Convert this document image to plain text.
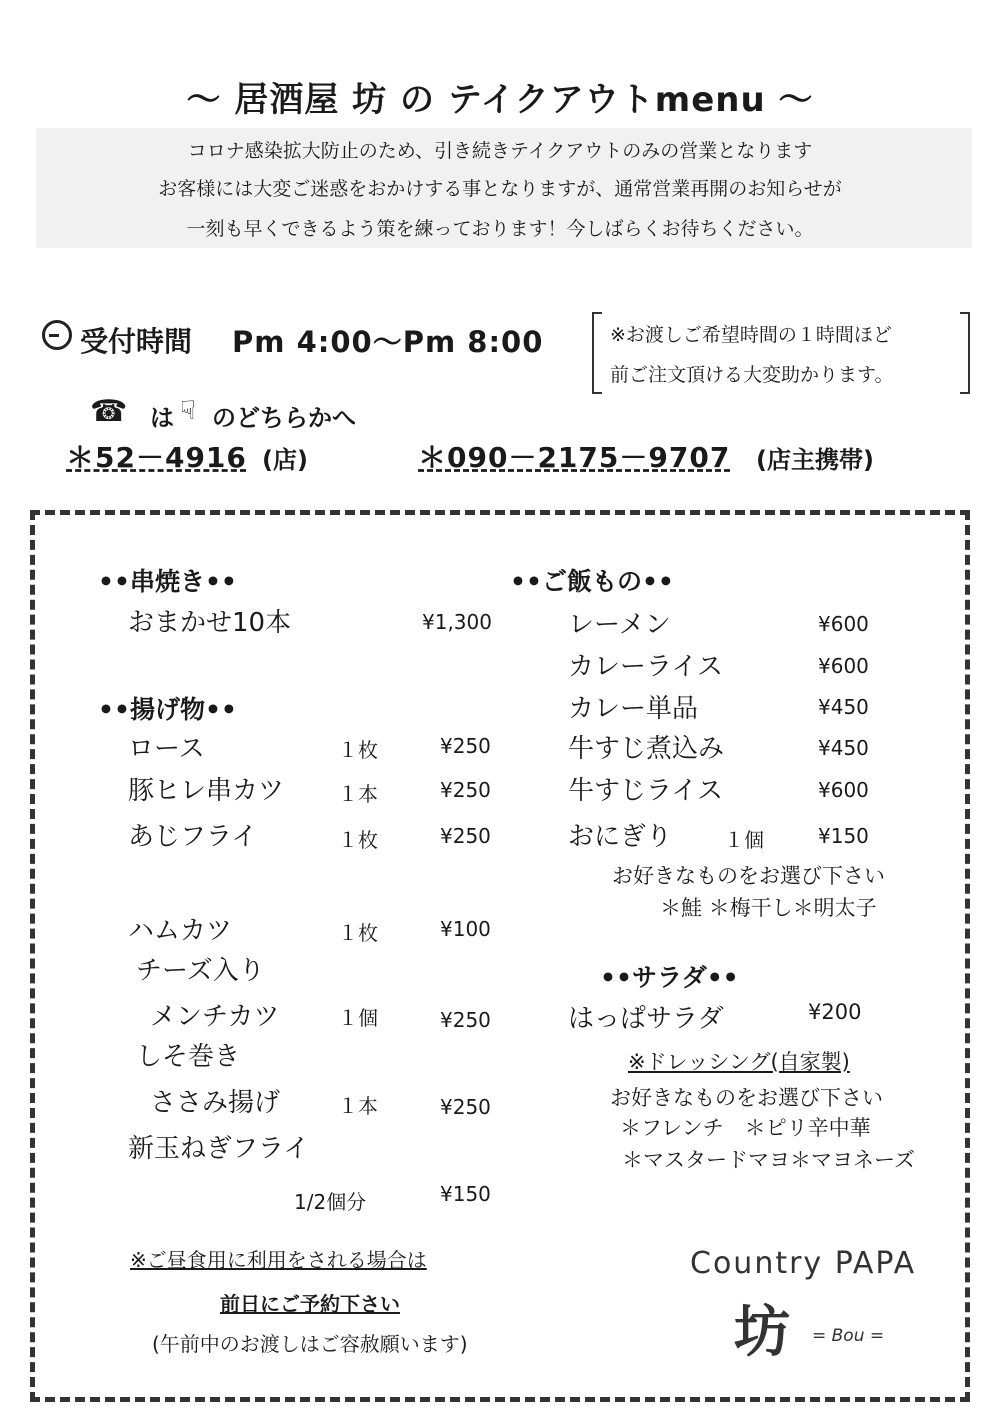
〜 居酒屋 坊 の テイクアウトmenu 〜
コロナ感染拡大防止のため、引き続きテイクアウトのみの営業となります
お客様には大変ご迷惑をおかけする事となりますが、通常営業再開のお知らせが
一刻も早くできるよう策を練っております！今しばらくお待ちください。
受付時間 Pm 4:00～Pm 8:00	※お渡しご希望時間の１時間ほど
前ご注文頂ける大変助かります。
☎ は ☟ のどちらかへ
＊52－4916 (店)	＊090－2175－9707 (店主携帯)
••串焼き••
おまかせ10本	¥1,300
••揚げ物••
ロース	１枚	¥250
豚ヒレ串カツ	１本	¥250
あじフライ	１枚	¥250
ハムカツ	１枚	¥100
チーズ入り
メンチカツ	１個	¥250
しそ巻き
ささみ揚げ	１本	¥250
新玉ねぎフライ
1/2個分	¥150
••ご飯もの••
レーメン	¥600
カレーライス	¥600
カレー単品	¥450
牛すじ煮込み	¥450
牛すじライス	¥600
おにぎり	１個	¥150
お好きなものをお選び下さい
＊鮭 ＊梅干し＊明太子
••サラダ••
はっぱサラダ	¥200
※ドレッシング(自家製)
お好きなものをお選び下さい
＊フレンチ　＊ピリ辛中華
＊マスタードマヨ＊マヨネーズ
※ご昼食用に利用をされる場合は
前日にご予約下さい
(午前中のお渡しはご容赦願います)
Country PAPA
坊 = Bou =
